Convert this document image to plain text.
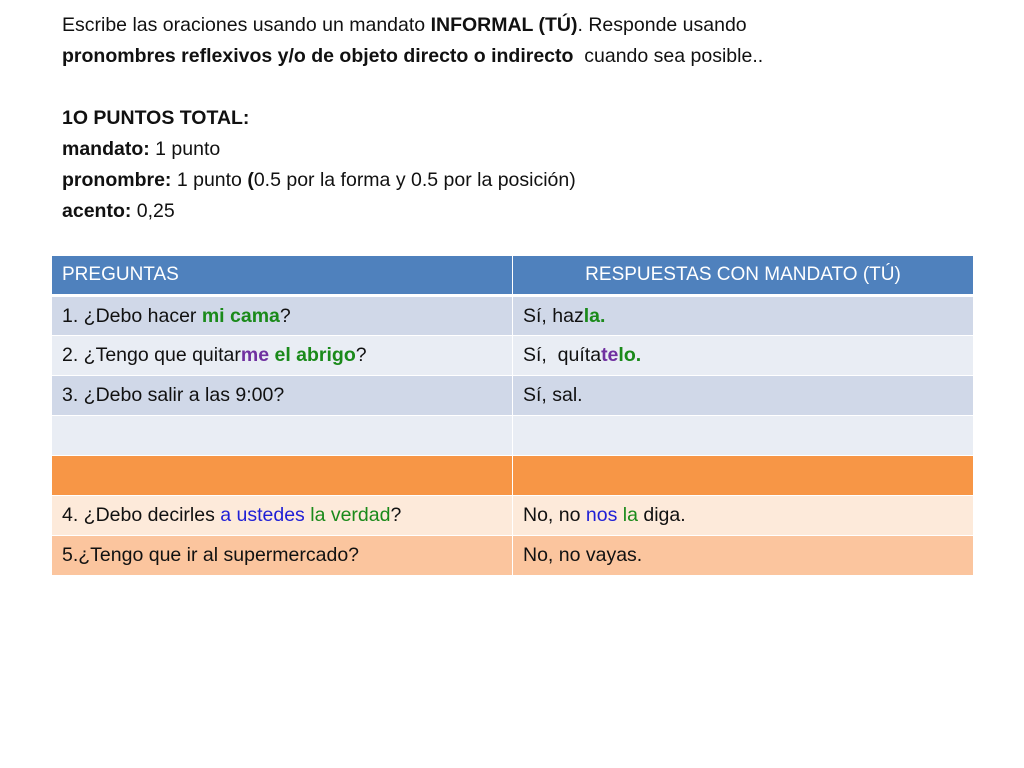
Escribe las oraciones usando un mandato INFORMAL (TÚ). Responde usando

pronombres reflexivos y/o de objeto directo o indirecto  cuando sea posible..

1O PUNTOS TOTAL:

mandato: 1 punto

pronombre: 1 punto (0.5 por la forma y 0.5 por la posición)

acento: 0,25

PREGUNTAS	RESPUESTAS CON MANDATO (TÚ)
1. ¿Debo hacer mi cama?	Sí, hazla.
2. ¿Tengo que quitarme el abrigo?	Sí,  quítatelo.
3. ¿Debo salir a las 9:00?	Sí, sal.

4. ¿Debo decirles a ustedes la verdad?	No, no nos la diga.
5.¿Tengo que ir al supermercado?	No, no vayas.
